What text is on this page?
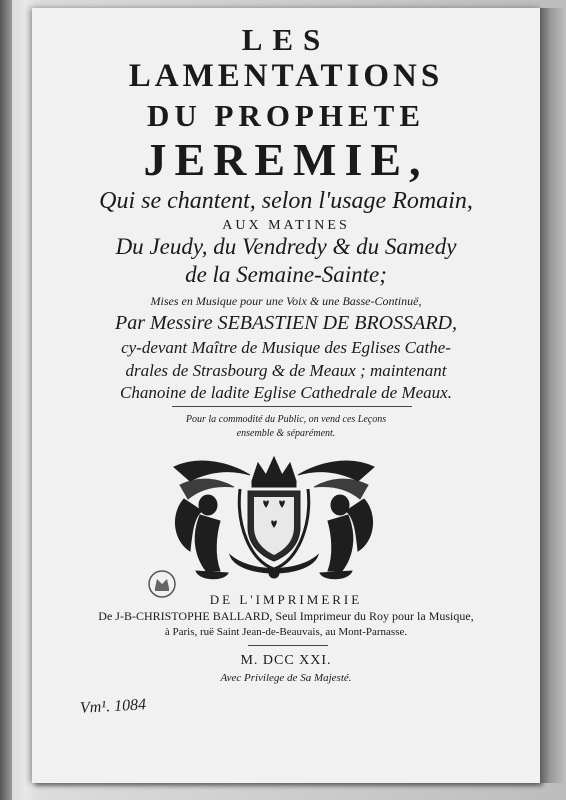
LES
LAMENTATIONS
DU PROPHETE
JEREMIE,
Qui se chantent, selon l'usage Romain,
AUX MATINES
Du Jeudy, du Vendredy & du Samedy
de la Semaine-Sainte;
Mises en Musique pour une Voix & une Basse-Continuë,
Par Messire SEBASTIEN DE BROSSARD,
cy-devant Maître de Musique des Eglises Cathe-
drales de Strasbourg & de Meaux ; maintenant
Chanoine de ladite Eglise Cathedrale de Meaux.
Pour la commodité du Public, on vend ces Leçons
ensemble & séparément.
DE L'IMPRIMERIE
De J-B-CHRISTOPHE BALLARD, Seul Imprimeur du Roy pour la Musique,
à Paris, ruë Saint Jean-de-Beauvais, au Mont-Parnasse.
M. DCC XXI.
Avec Privilege de Sa Majesté.
Vm¹. 1084
